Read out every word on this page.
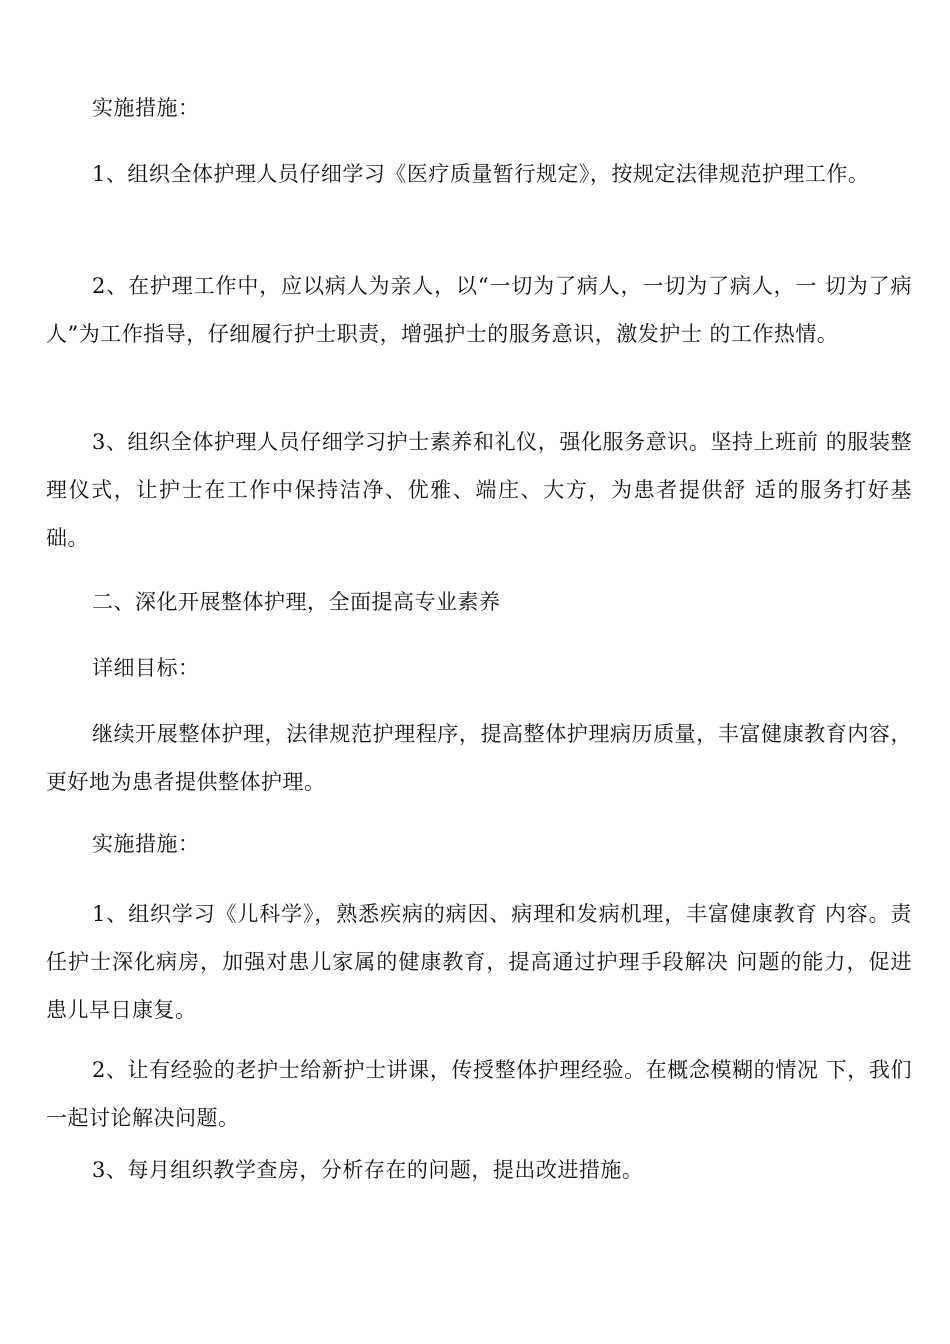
实施措施：

1、组织全体护理人员仔细学习《医疗质量暂行规定》，按规定法律规范护理工作。

2、在护理工作中，应以病人为亲人，以“一切为了病人，一切为了病人，一 切为了病人”为工作指导，仔细履行护士职责，增强护士的服务意识，激发护士 的工作热情。

3、组织全体护理人员仔细学习护士素养和礼仪，强化服务意识。坚持上班前 的服装整理仪式，让护士在工作中保持洁净、优雅、端庄、大方，为患者提供舒 适的服务打好基础。

二、深化开展整体护理，全面提高专业素养

详细目标：

继续开展整体护理，法律规范护理程序，提高整体护理病历质量，丰富健康教育内容，更好地为患者提供整体护理。

实施措施：

1、组织学习《儿科学》，熟悉疾病的病因、病理和发病机理，丰富健康教育 内容。责任护士深化病房，加强对患儿家属的健康教育，提高通过护理手段解决 问题的能力，促进患儿早日康复。

2、让有经验的老护士给新护士讲课，传授整体护理经验。在概念模糊的情况 下，我们一起讨论解决问题。

3、每月组织教学查房，分析存在的问题，提出改进措施。
